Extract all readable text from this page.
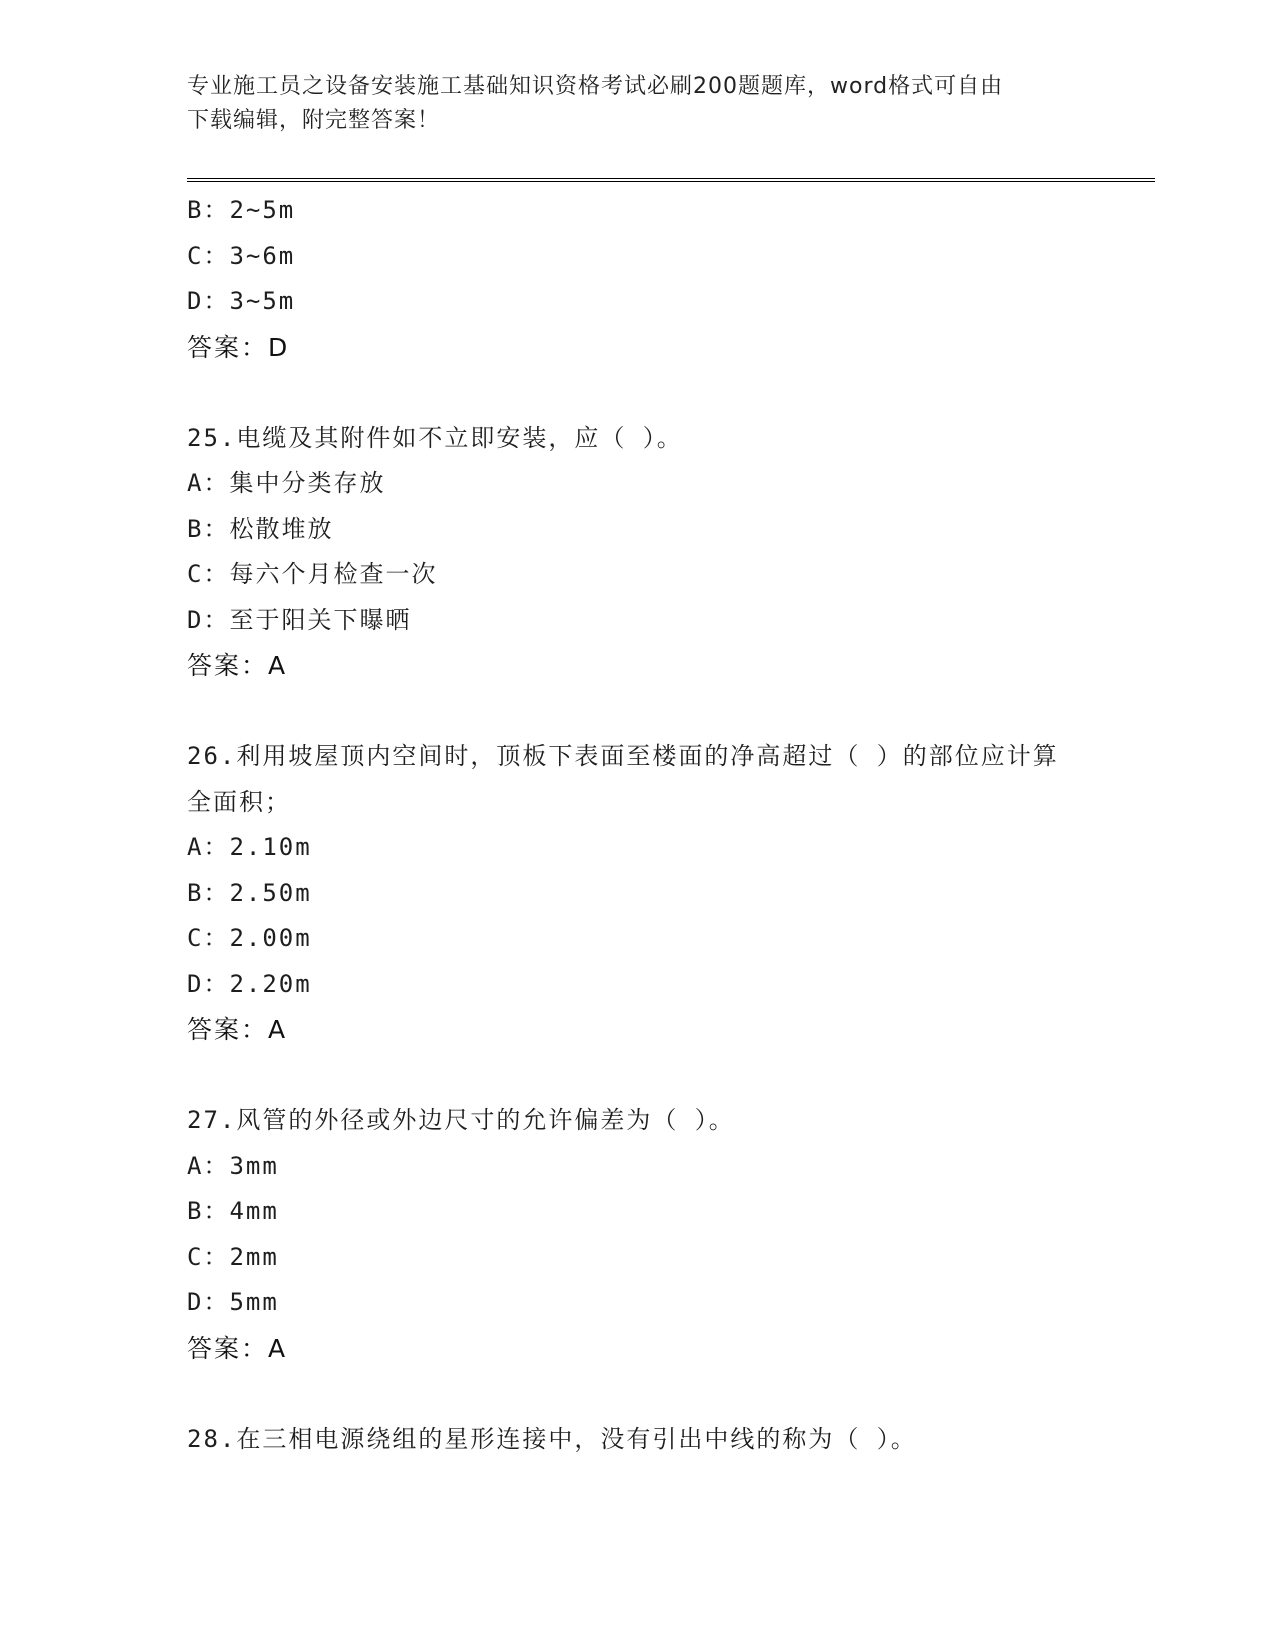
专业施工员之设备安装施工基础知识资格考试必刷200题题库，word格式可自由
下载编辑，附完整答案！
B：2~5m
C：3~6m
D：3~5m
答案：D
25.电缆及其附件如不立即安装，应（ ）。
A：集中分类存放
B：松散堆放
C：每六个月检查一次
D：至于阳关下曝晒
答案：A
26.利用坡屋顶内空间时，顶板下表面至楼面的净高超过（ ）的部位应计算全面积；
A：2.10m
B：2.50m
C：2.00m
D：2.20m
答案：A
27.风管的外径或外边尺寸的允许偏差为（ ）。
A：3mm
B：4mm
C：2mm
D：5mm
答案：A
28.在三相电源绕组的星形连接中，没有引出中线的称为（ ）。
